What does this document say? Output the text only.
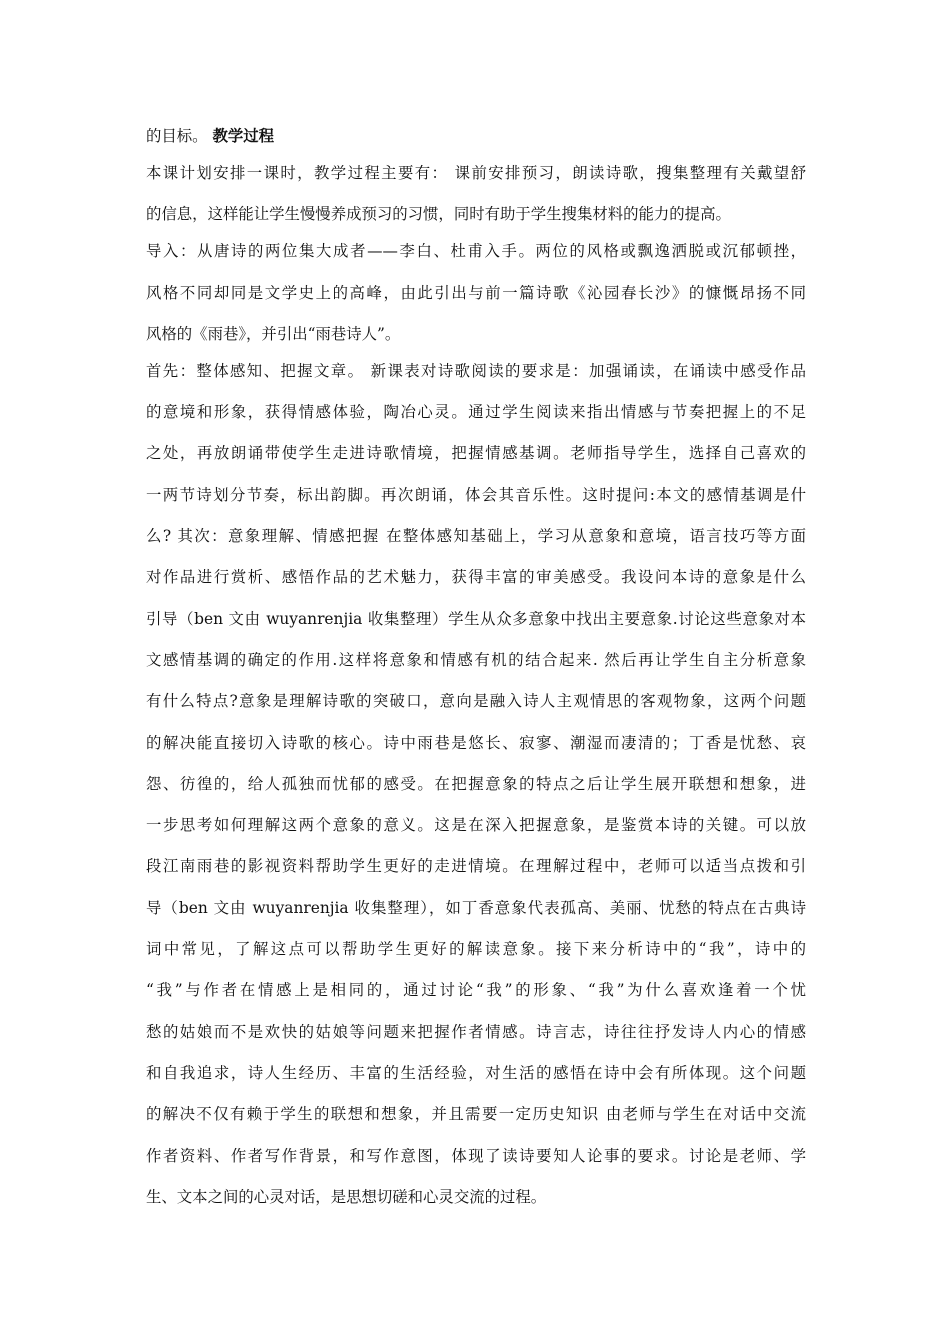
的目标。 教学过程
本课计划安排一课时，教学过程主要有： 课前安排预习，朗读诗歌，搜集整理有关戴望舒
的信息，这样能让学生慢慢养成预习的习惯，同时有助于学生搜集材料的能力的提高。
导入：从唐诗的两位集大成者——李白、杜甫入手。两位的风格或飘逸洒脱或沉郁顿挫，
风格不同却同是文学史上的高峰，由此引出与前一篇诗歌《沁园春长沙》的慷慨昂扬不同
风格的《雨巷》，并引出“雨巷诗人”。
首先：整体感知、把握文章。 新课表对诗歌阅读的要求是：加强诵读，在诵读中感受作品
的意境和形象，获得情感体验，陶冶心灵。通过学生阅读来指出情感与节奏把握上的不足
之处，再放朗诵带使学生走进诗歌情境，把握情感基调。老师指导学生，选择自己喜欢的
一两节诗划分节奏，标出韵脚。再次朗诵，体会其音乐性。这时提问:本文的感情基调是什
么? 其次：意象理解、情感把握 在整体感知基础上，学习从意象和意境，语言技巧等方面
对作品进行赏析、感悟作品的艺术魅力，获得丰富的审美感受。我设问本诗的意象是什么
引导（ben 文由 wuyanrenjia 收集整理）学生从众多意象中找出主要意象.讨论这些意象对本
文感情基调的确定的作用.这样将意象和情感有机的结合起来. 然后再让学生自主分析意象
有什么特点?意象是理解诗歌的突破口，意向是融入诗人主观情思的客观物象，这两个问题
的解决能直接切入诗歌的核心。诗中雨巷是悠长、寂寥、潮湿而凄清的；丁香是忧愁、哀
怨、彷徨的，给人孤独而忧郁的感受。在把握意象的特点之后让学生展开联想和想象，进
一步思考如何理解这两个意象的意义。这是在深入把握意象，是鉴赏本诗的关键。可以放
段江南雨巷的影视资料帮助学生更好的走进情境。在理解过程中，老师可以适当点拨和引
导（ben 文由 wuyanrenjia 收集整理），如丁香意象代表孤高、美丽、忧愁的特点在古典诗
词中常见，了解这点可以帮助学生更好的解读意象。接下来分析诗中的“我”，诗中的
“我”与作者在情感上是相同的，通过讨论“我”的形象、“我”为什么喜欢逢着一个忧
愁的姑娘而不是欢快的姑娘等问题来把握作者情感。诗言志，诗往往抒发诗人内心的情感
和自我追求，诗人生经历、丰富的生活经验，对生活的感悟在诗中会有所体现。这个问题
的解决不仅有赖于学生的联想和想象，并且需要一定历史知识 由老师与学生在对话中交流
作者资料、作者写作背景，和写作意图，体现了读诗要知人论事的要求。讨论是老师、学
生、文本之间的心灵对话，是思想切磋和心灵交流的过程。
